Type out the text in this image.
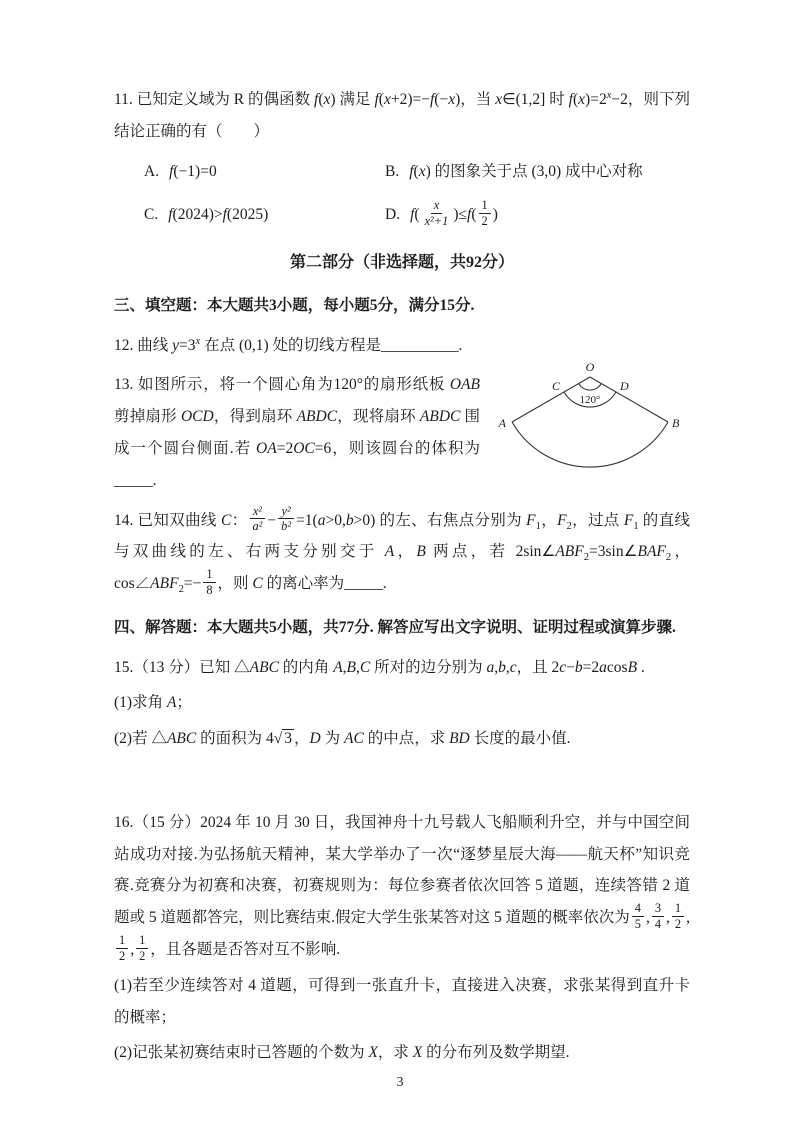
11. 已知定义域为 R 的偶函数 f(x) 满足 f(x+2)=−f(−x)，当 x∈(1,2] 时 $f(x)=2^x-2$，则下列结论正确的有（　　）

A. f(−1)=0	B. f(x) 的图象关于点 (3,0) 成中心对称
C. f(2024)>f(2025)	D. $f( \frac{x}{\text{x²+1}} )\le f( \frac{1}{2}$ )
第二部分（非选择题，共92分）
三、填空题：本大题共3小题，每小题5分，满分15分.

12. 曲线 $y=3^x$ 在点 (0,1) 处的切线方程是__________.

O
C	D
A	B
120°

13. 如图所示，将一个圆心角为120°的扇形纸板 OAB 剪掉扇形 OCD，得到扇环 ABDC，现将扇环 ABDC 围成一个圆台侧面.若 OA=2OC=6，则该圆台的体积为_____.

14. 已知双曲线 C： $\frac{\text{x²}}{\text{a²}} - \frac{\text{y²}}{\text{b²}} =1(a>0,b>0)$ 的左、右焦点分别为 $F_1$，$F_2$，过点 $F_1$ 的直线与双曲线的左、右两支分别交于 A，B 两点，若 $2\sin\angle ABF_2=3\sin\angle BAF_2$，$\cos\angle ABF_2=- \frac{1}{8}$ ，则 C 的离心率为_____.

四、解答题：本大题共5小题，共77分. 解答应写出文字说明、证明过程或演算步骤.

15.（13 分）已知 △ABC 的内角 A,B,C 所对的边分别为 a,b,c，且 2c−b=2acosB .

(1)求角 A；

(2)若 △ABC 的面积为 4√ 3 ，D 为 AC 的中点，求 BD 长度的最小值.

16.（15 分）2024 年 10 月 30 日，我国神舟十九号载人飞船顺利升空，并与中国空间站成功对接.为弘扬航天精神，某大学举办了一次“逐梦星辰大海——航天杯”知识竞赛.竞赛分为初赛和决赛，初赛规则为：每位参赛者依次回答 5 道题，连续答错 2 道题或 5 道题都答完，则比赛结束.假定大学生张某答对这 5 道题的概率依次为 $\frac{4}{5}$ , $\frac{3}{4}$ , $\frac{1}{2}$ ,
$\frac{1}{2}$ , $\frac{1}{2}$ ，且各题是否答对互不影响.

(1)若至少连续答对 4 道题，可得到一张直升卡，直接进入决赛，求张某得到直升卡的概率；

(2)记张某初赛结束时已答题的个数为 X，求 X 的分布列及数学期望.

3
